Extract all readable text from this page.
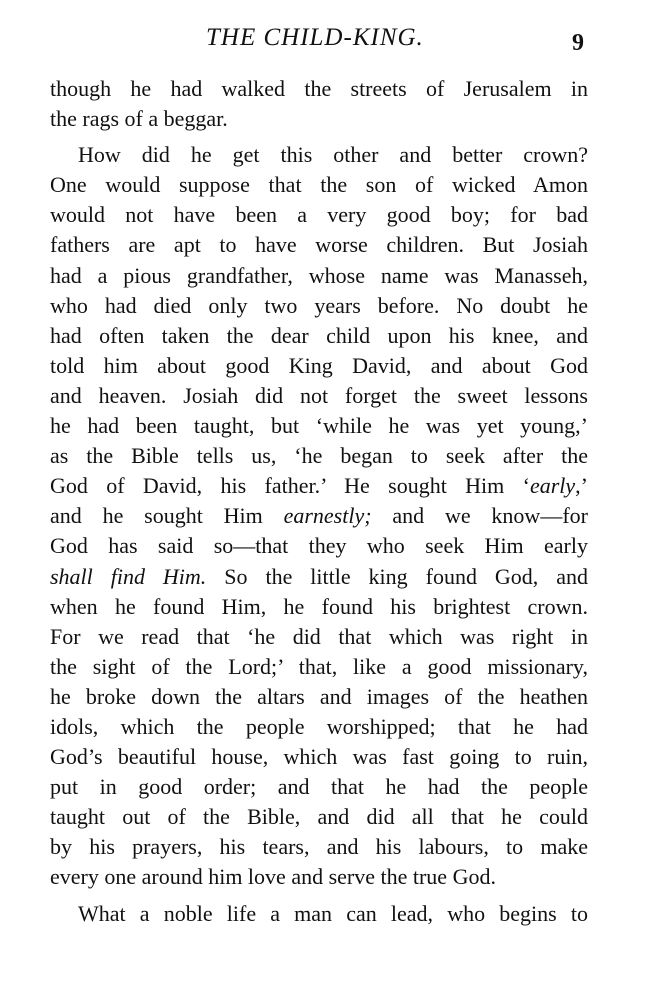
THE CHILD-KING.	9
though he had walked the streets of Jerusalem in
the rags of a beggar.
How did he get this other and better crown?
One would suppose that the son of wicked Amon
would not have been a very good boy; for bad
fathers are apt to have worse children. But Josiah
had a pious grandfather, whose name was Manasseh,
who had died only two years before. No doubt he
had often taken the dear child upon his knee, and
told him about good King David, and about God
and heaven. Josiah did not forget the sweet lessons
he had been taught, but ‘while he was yet young,’
as the Bible tells us, ‘he began to seek after the
God of David, his father.’ He sought Him ‘early,’
and he sought Him earnestly; and we know—for
God has said so—that they who seek Him early
shall find Him. So the little king found God, and
when he found Him, he found his brightest crown.
For we read that ‘he did that which was right in
the sight of the Lord;’ that, like a good missionary,
he broke down the altars and images of the heathen
idols, which the people worshipped; that he had
God’s beautiful house, which was fast going to ruin,
put in good order; and that he had the people
taught out of the Bible, and did all that he could
by his prayers, his tears, and his labours, to make
every one around him love and serve the true God.
What a noble life a man can lead, who begins to
